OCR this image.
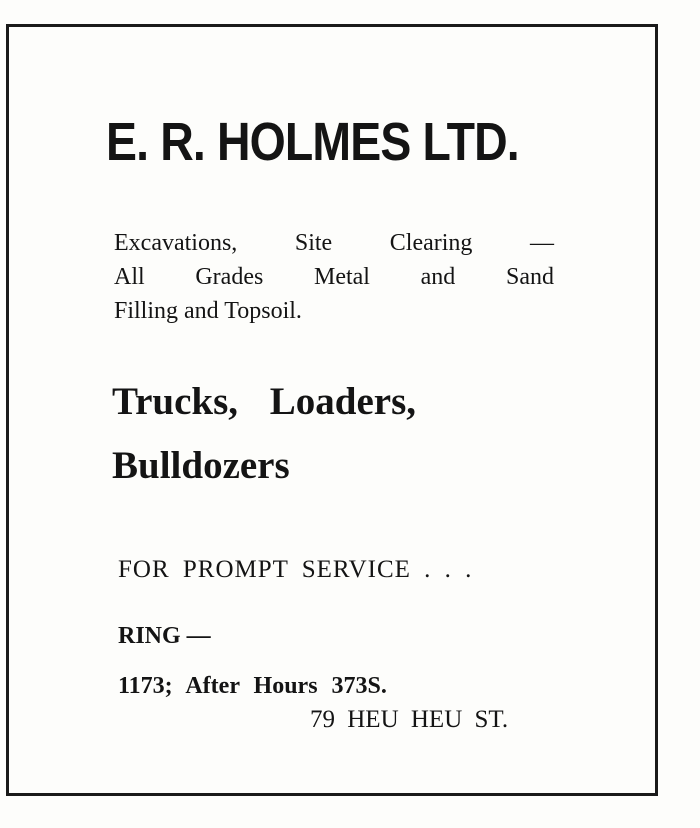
E. R. HOLMES LTD.
Excavations, Site Clearing —
All Grades Metal and Sand
Filling and Topsoil.
Trucks, Loaders,
Bulldozers
FOR PROMPT SERVICE . . .
RING —
1173; After Hours 373S.
79 HEU HEU ST.
